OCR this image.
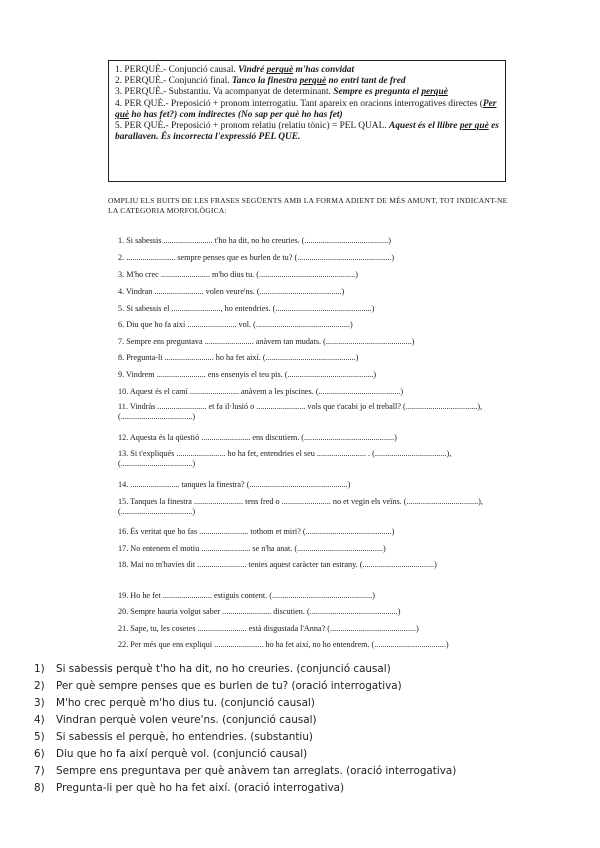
1. PERQUÈ.- Conjunció causal. Vindré perquè m'has convidat

2. PERQUÈ.- Conjunció final. Tanco la finestra perquè no entri tant de fred

3. PERQUÈ.- Substantiu. Va acompanyat de determinant. Sempre es pregunta el perquè

4. PER QUÈ.- Preposició + pronom interrogatiu. Tant apareix en oracions interrogatives directes (Per què ho has fet?) com indirectes (No sap per què ho has fet)

5. PER QUÈ.- Preposició + pronom relatiu (relatiu tònic) = PEL QUAL. Aquest és el llibre per què es barallaven. És incorrecta l'expressió PEL QUE.

OMPLIU ELS BUITS DE LES FRASES SEGÜENTS AMB LA FORMA ADIENT DE MÉS AMUNT, TOT INDICANT-NE LA CATEGORIA MORFOLÒGICA:
1. Si sabessis ........................ t'ho ha dit, no ho creuries. (.........................................)
2. ........................ sempre penses que es burlen de tu? (..............................................)
3. M'ho crec ........................ m'ho dius tu. (...............................................)
4. Vindran ........................ volen veure'ns. (........................................)
5. Si sabessis el ........................, ho entendries. (...............................................)
6. Diu que ho fa així ........................ vol. (..............................................)
7. Sempre ens preguntava ........................ anàvem tan mudats. (..........................................)
8. Pregunta-li ........................ ho ha fet així. (............................................)
9. Vindrem ........................ ens ensenyis el teu pis. (..........................................)
10. Aquest és el camí ........................ anàvem a les piscines. (........................................)
11. Vindràs ........................ et fa il·lusió o ........................ vols que t'acabi jo el treball? (...................................), (...................................)
12. Aquesta és la qüestió ........................ ens discutiem. (............................................)
13. Si t'expliqués ........................ ho ha fet, entendries el seu ........................ . (...................................), (...................................)
14. ........................ tanques la finestra? (................................................)
15. Tanques la finestra ........................ tens fred o ........................ no et vegin els veïns. (...................................), (...................................)
16. És veritat que ho fas ........................ tothom et miri? (..........................................)
17. No entenem el motiu ........................ se n'ha anat. (..........................................)
18. Mai no m'havies dit ........................ tenies aquest caràcter tan estrany. (...................................)
19. Ho he fet ........................ estiguis content. (.................................................)
20. Sempre hauria volgut saber ........................ discutien. (...........................................)
21. Sape, tu, les cosetes ........................ està disgustada l'Anna? (..........................................)
22. Per més que ens expliqui ........................ ho ha fet així, no ho entendrem. (...................................)
1) Si sabessis perquè t'ho ha dit, no ho creuries. (conjunció causal)
2) Per què sempre penses que es burlen de tu? (oració interrogativa)
3) M'ho crec perquè m'ho dius tu. (conjunció causal)
4) Vindran perquè volen veure'ns. (conjunció causal)
5) Si sabessis el perquè, ho entendries. (substantiu)
6) Diu que ho fa així perquè vol. (conjunció causal)
7) Sempre ens preguntava per què anàvem tan arreglats. (oració interrogativa)
8) Pregunta-li per què ho ha fet així. (oració interrogativa)
